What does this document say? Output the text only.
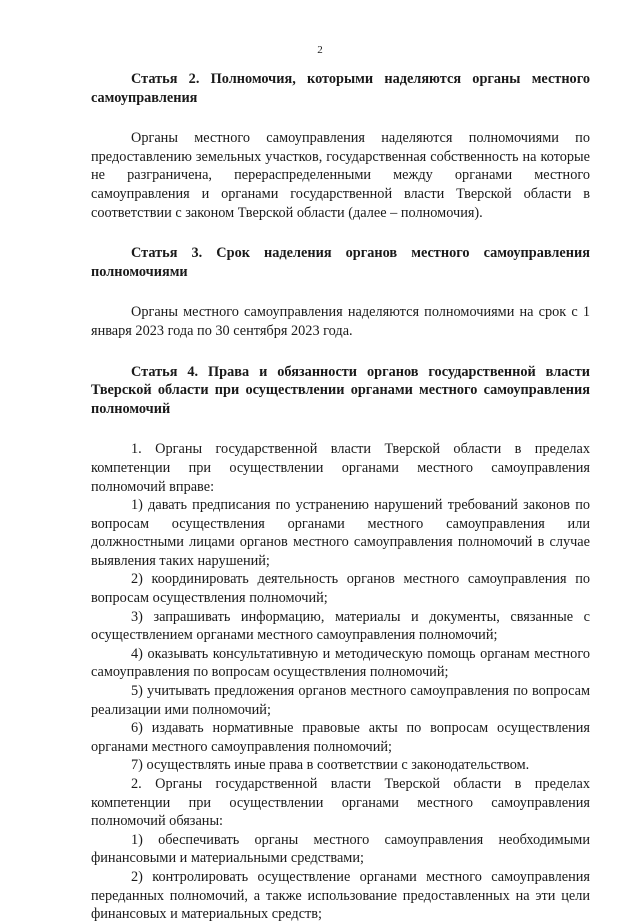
2

Статья 2. Полномочия, которыми наделяются органы местного самоуправления

Органы местного самоуправления наделяются полномочиями по предоставлению земельных участков, государственная собственность на которые не разграничена, перераспределенными между органами местного самоуправления и органами государственной власти Тверской области в соответствии с законом Тверской области (далее – полномочия).

Статья 3. Срок наделения органов местного самоуправления полномочиями

Органы местного самоуправления наделяются полномочиями на срок с 1 января 2023 года по 30 сентября 2023 года.

Статья 4. Права и обязанности органов государственной власти Тверской области при осуществлении органами местного самоуправления полномочий

1. Органы государственной власти Тверской области в пределах компетенции при осуществлении органами местного самоуправления полномочий вправе:

1) давать предписания по устранению нарушений требований законов по вопросам осуществления органами местного самоуправления или должностными лицами органов местного самоуправления полномочий в случае выявления таких нарушений;

2) координировать деятельность органов местного самоуправления по вопросам осуществления полномочий;

3) запрашивать информацию, материалы и документы, связанные с осуществлением органами местного самоуправления полномочий;

4) оказывать консультативную и методическую помощь органам местного самоуправления по вопросам осуществления полномочий;

5) учитывать предложения органов местного самоуправления по вопросам реализации ими полномочий;

6) издавать нормативные правовые акты по вопросам осуществления органами местного самоуправления полномочий;

7) осуществлять иные права в соответствии с законодательством.

2. Органы государственной власти Тверской области в пределах компетенции при осуществлении органами местного самоуправления полномочий обязаны:

1) обеспечивать органы местного самоуправления необходимыми финансовыми и материальными средствами;

2) контролировать осуществление органами местного самоуправления переданных полномочий, а также использование предоставленных на эти цели финансовых и материальных средств;
